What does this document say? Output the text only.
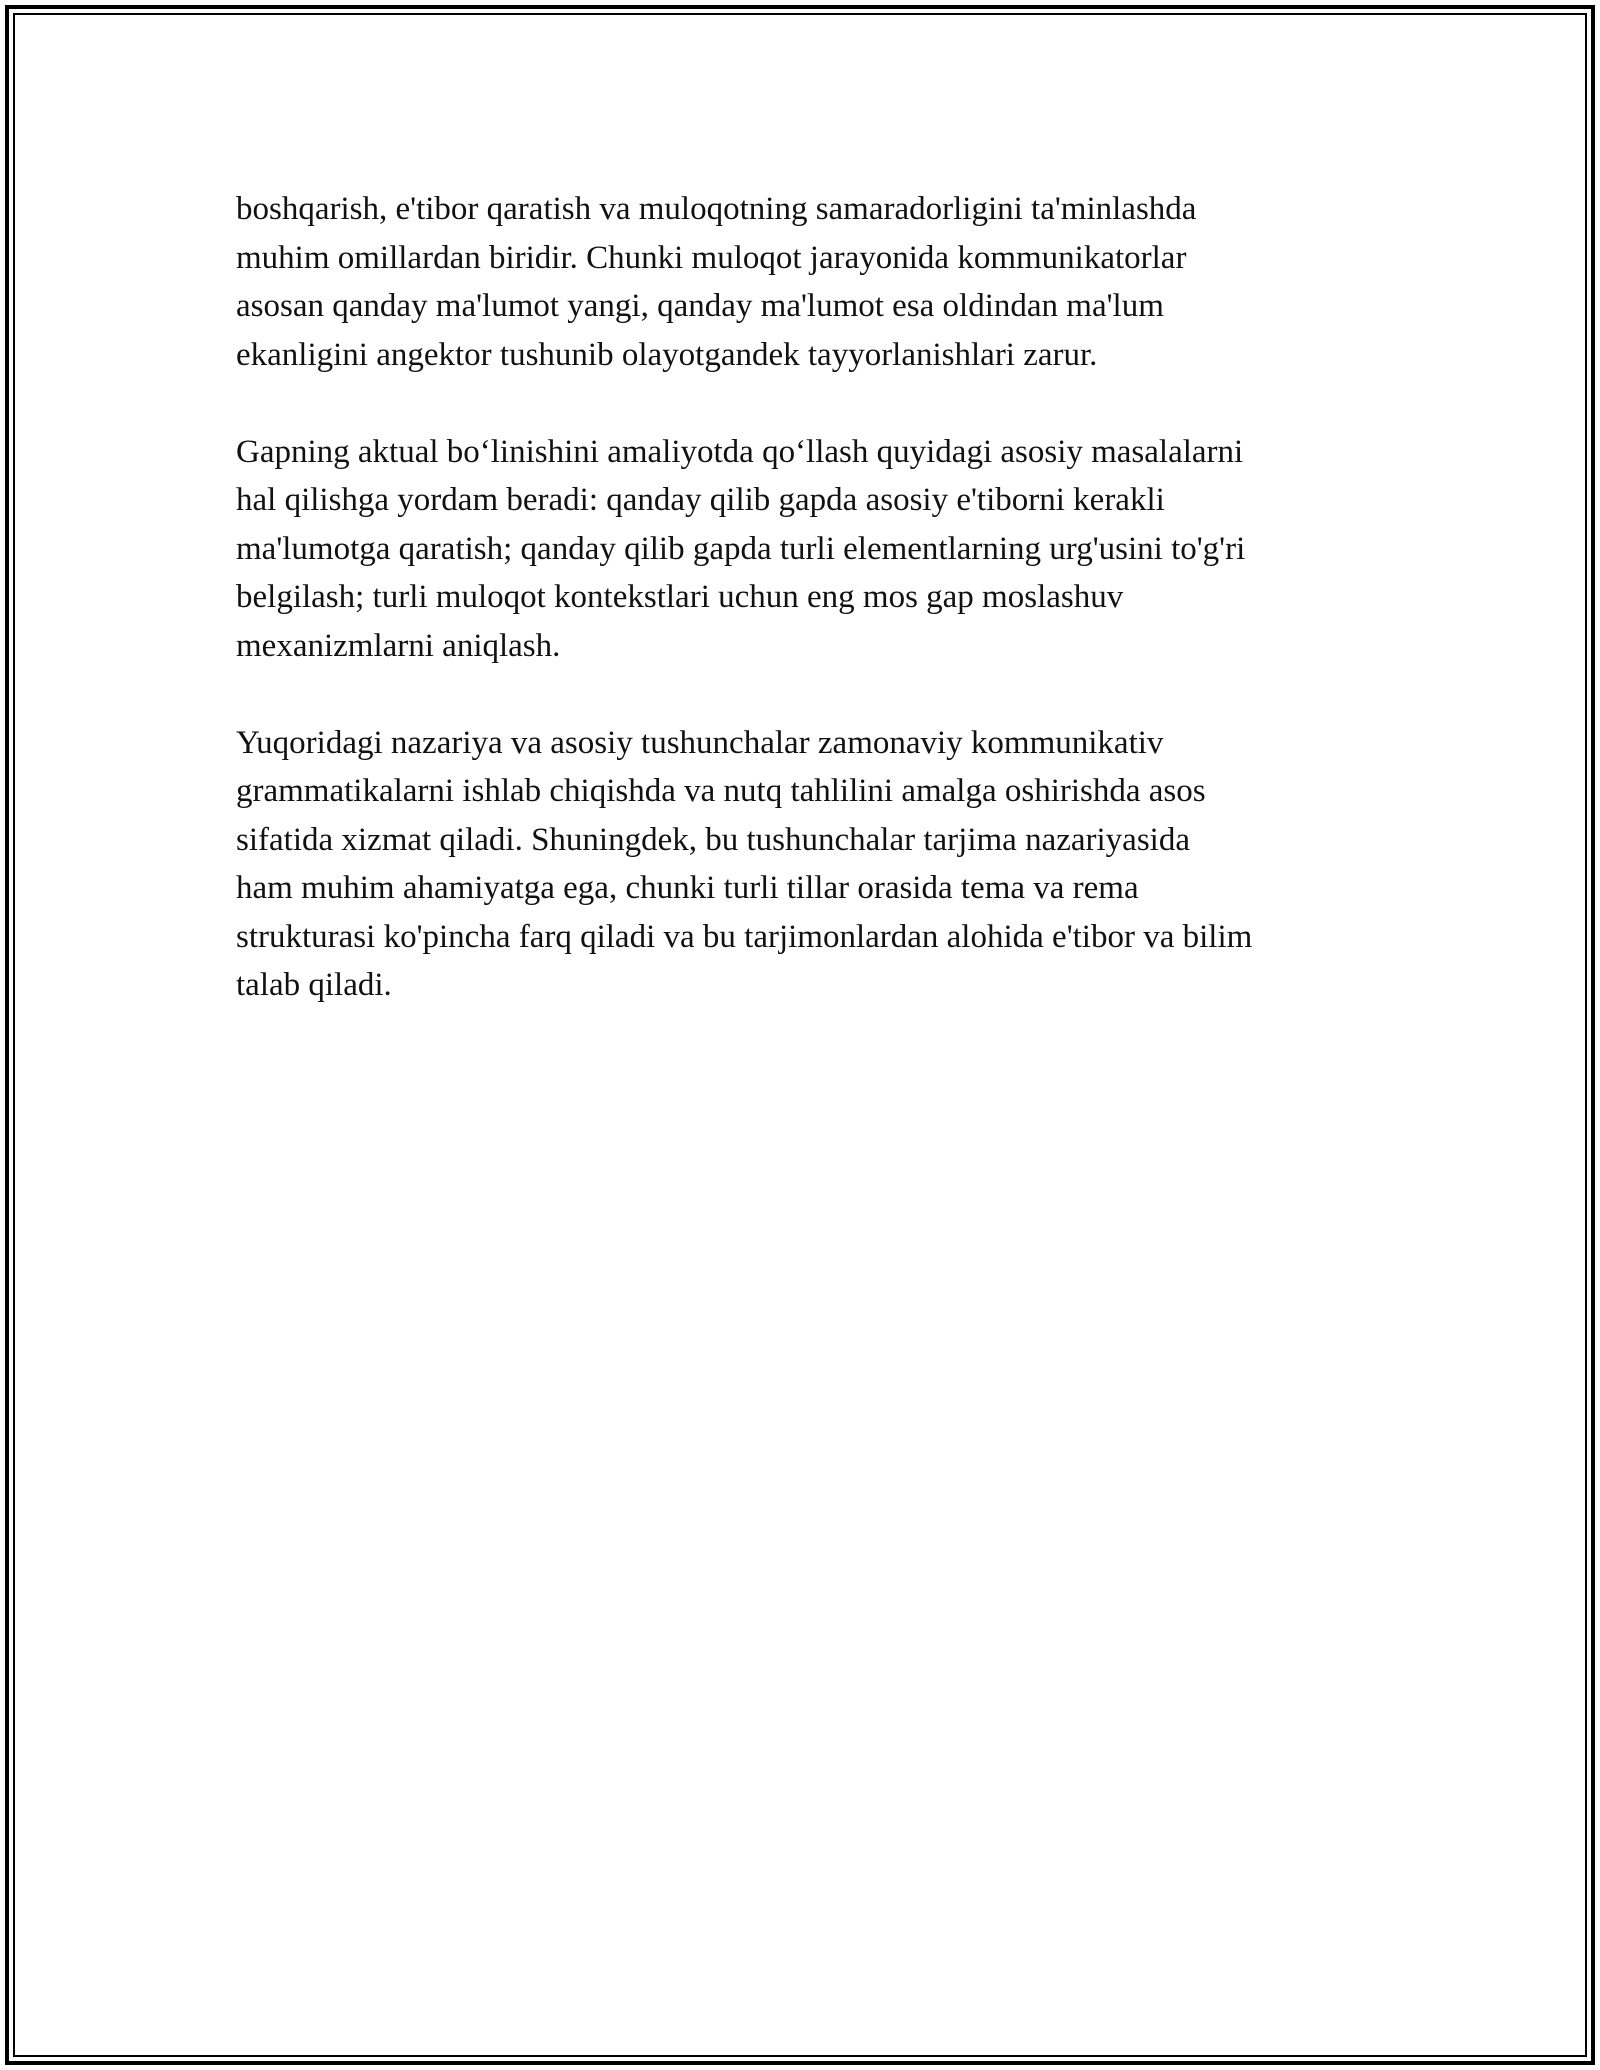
boshqarish, e'tibor qaratish va muloqotning samaradorligini ta'minlashda
muhim omillardan biridir. Chunki muloqot jarayonida kommunikatorlar
asosan qanday ma'lumot yangi, qanday ma'lumot esa oldindan ma'lum
ekanligini angektor tushunib olayotgandek tayyorlanishlari zarur.

Gapning aktual bo‘linishini amaliyotda qo‘llash quyidagi asosiy masalalarni
hal qilishga yordam beradi: qanday qilib gapda asosiy e'tiborni kerakli
ma'lumotga qaratish; qanday qilib gapda turli elementlarning urg'usini to'g'ri
belgilash; turli muloqot kontekstlari uchun eng mos gap moslashuv
mexanizmlarni aniqlash.

Yuqoridagi nazariya va asosiy tushunchalar zamonaviy kommunikativ
grammatikalarni ishlab chiqishda va nutq tahlilini amalga oshirishda asos
sifatida xizmat qiladi. Shuningdek, bu tushunchalar tarjima nazariyasida
ham muhim ahamiyatga ega, chunki turli tillar orasida tema va rema
strukturasi ko'pincha farq qiladi va bu tarjimonlardan alohida e'tibor va bilim
talab qiladi.
